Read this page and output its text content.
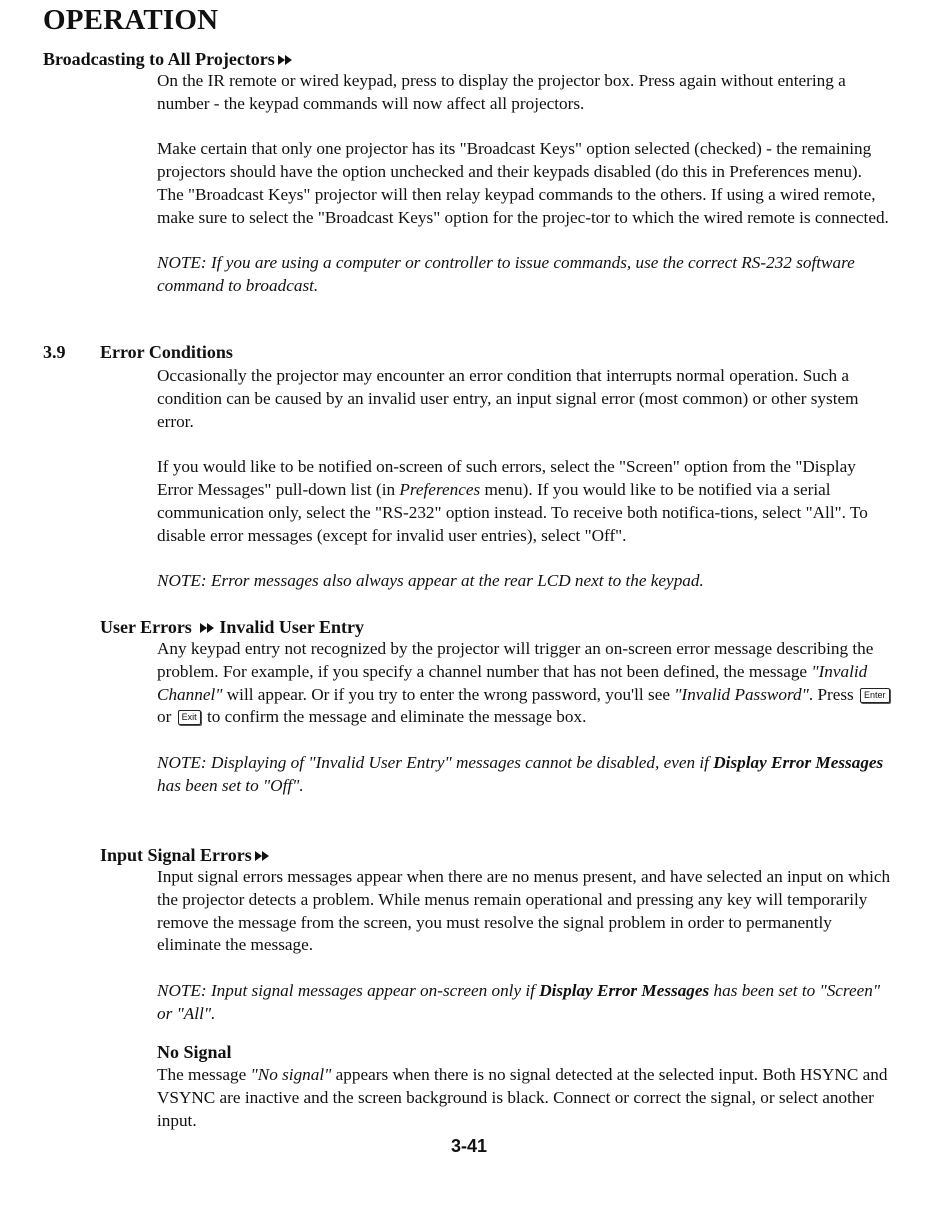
OPERATION
Broadcasting to All Projectors

On the IR remote or wired keypad, press to display the projector box. Press again without entering a number - the keypad commands will now affect all projectors.

Make certain that only one projector has its "Broadcast Keys" option selected (checked) - the remaining projectors should have the option unchecked and their keypads disabled (do this in Preferences menu). The "Broadcast Keys" projector will then relay keypad commands to the others. If using a wired remote, make sure to select the "Broadcast Keys" option for the projec-tor to which the wired remote is connected.

NOTE: If you are using a computer or controller to issue commands, use the correct RS-232 software command to broadcast.

3.9 Error Conditions

Occasionally the projector may encounter an error condition that interrupts normal operation. Such a condition can be caused by an invalid user entry, an input signal error (most common) or other system error.

If you would like to be notified on-screen of such errors, select the "Screen" option from the "Display Error Messages" pull-down list (in Preferences menu). If you would like to be notified via a serial communication only, select the "RS-232" option instead. To receive both notifica-tions, select "All". To disable error messages (except for invalid user entries), select "Off".

NOTE: Error messages also always appear at the rear LCD next to the keypad.

User Errors Invalid User Entry

Any keypad entry not recognized by the projector will trigger an on-screen error message describing the problem. For example, if you specify a channel number that has not been defined, the message "Invalid Channel" will appear. Or if you try to enter the wrong password, you'll see "Invalid Password". Press Enter or Exit to confirm the message and eliminate the message box.

NOTE: Displaying of "Invalid User Entry" messages cannot be disabled, even if Display Error Messages has been set to "Off".

Input Signal Errors

Input signal errors messages appear when there are no menus present, and have selected an input on which the projector detects a problem. While menus remain operational and pressing any key will temporarily remove the message from the screen, you must resolve the signal problem in order to permanently eliminate the message.

NOTE: Input signal messages appear on-screen only if Display Error Messages has been set to "Screen" or "All".

No Signal

The message "No signal" appears when there is no signal detected at the selected input. Both HSYNC and VSYNC are inactive and the screen background is black. Connect or correct the signal, or select another input.

3-41
